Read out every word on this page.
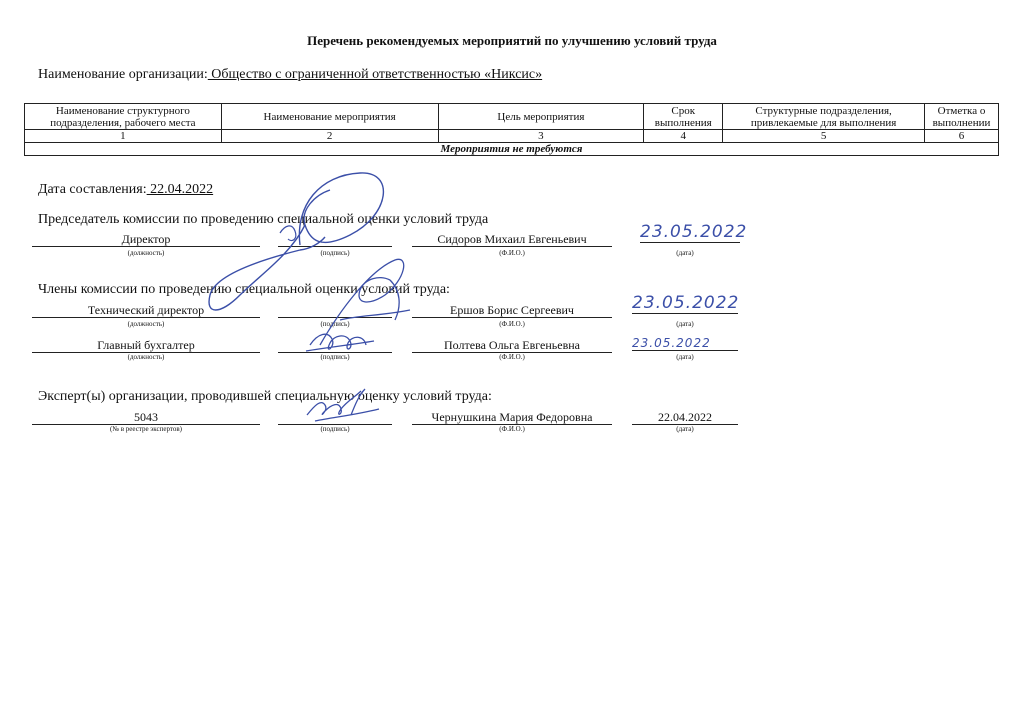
Перечень рекомендуемых мероприятий по улучшению условий труда
Наименование организации: Общество с ограниченной ответственностью «Никсис»
Наименование структурного подразделения, рабочего места	Наименование мероприятия	Цель мероприятия	Срок выполнения	Структурные подразделения, привлекаемые для выполнения	Отметка о выполнении
1	2	3	4	5	6
Мероприятия не требуются					
Дата составления: 22.04.2022
Председатель комиссии по проведению специальной оценки условий труда
Директор	Сидоров Михаил Евгеньевич	23.05.2022
(должность)	(подпись)	(Ф.И.О.)	(дата)
Члены комиссии по проведению специальной оценки условий труда:
Технический директор	Ершов Борис Сергеевич	23.05.2022
(должность)	(подпись)	(Ф.И.О.)	(дата)
Главный бухгалтер	Полтева Ольга Евгеньевна	23.05.2022
(должность)	(подпись)	(Ф.И.О.)	(дата)
Эксперт(ы) организации, проводившей специальную оценку условий труда:
5043	Чернушкина Мария Федоровна	22.04.2022
(№ в реестре экспертов)	(подпись)	(Ф.И.О.)	(дата)
